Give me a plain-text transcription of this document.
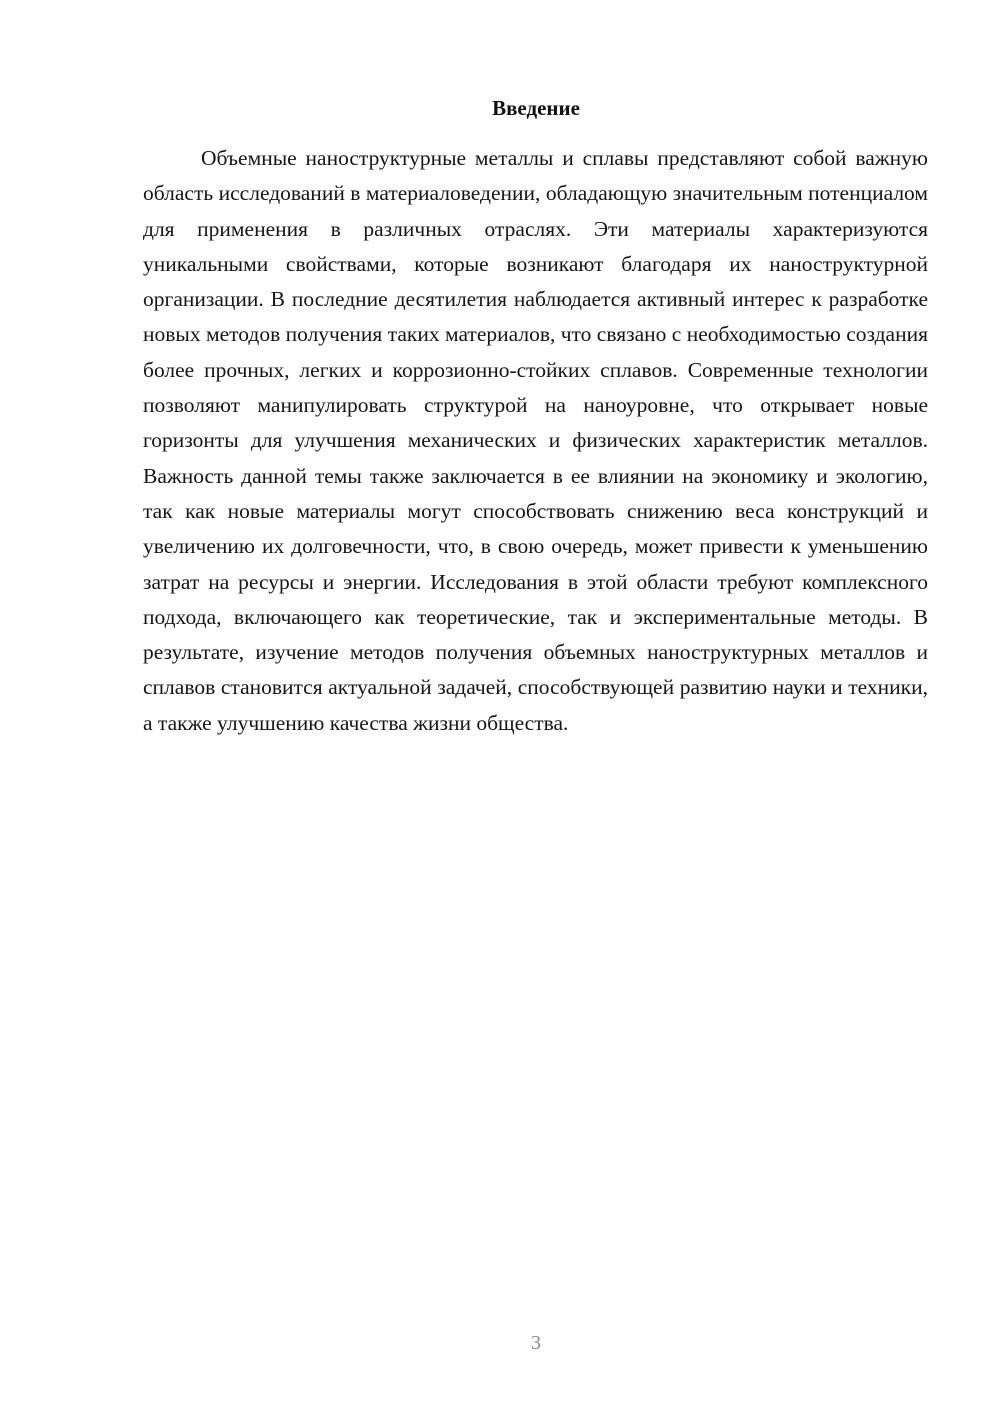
Введение

Объемные наноструктурные металлы и сплавы представляют собой важную область исследований в материаловедении, обладающую значительным потенциалом для применения в различных отраслях. Эти материалы характеризуются уникальными свойствами, которые возникают благодаря их наноструктурной организации. В последние десятилетия наблюдается активный интерес к разработке новых методов получения таких материалов, что связано с необходимостью создания более прочных, легких и коррозионно-стойких сплавов. Современные технологии позволяют манипулировать структурой на наноуровне, что открывает новые горизонты для улучшения механических и физических характеристик металлов. Важность данной темы также заключается в ее влиянии на экономику и экологию, так как новые материалы могут способствовать снижению веса конструкций и увеличению их долговечности, что, в свою очередь, может привести к уменьшению затрат на ресурсы и энергии. Исследования в этой области требуют комплексного подхода, включающего как теоретические, так и экспериментальные методы. В результате, изучение методов получения объемных наноструктурных металлов и сплавов становится актуальной задачей, способствующей развитию науки и техники, а также улучшению качества жизни общества.

3
